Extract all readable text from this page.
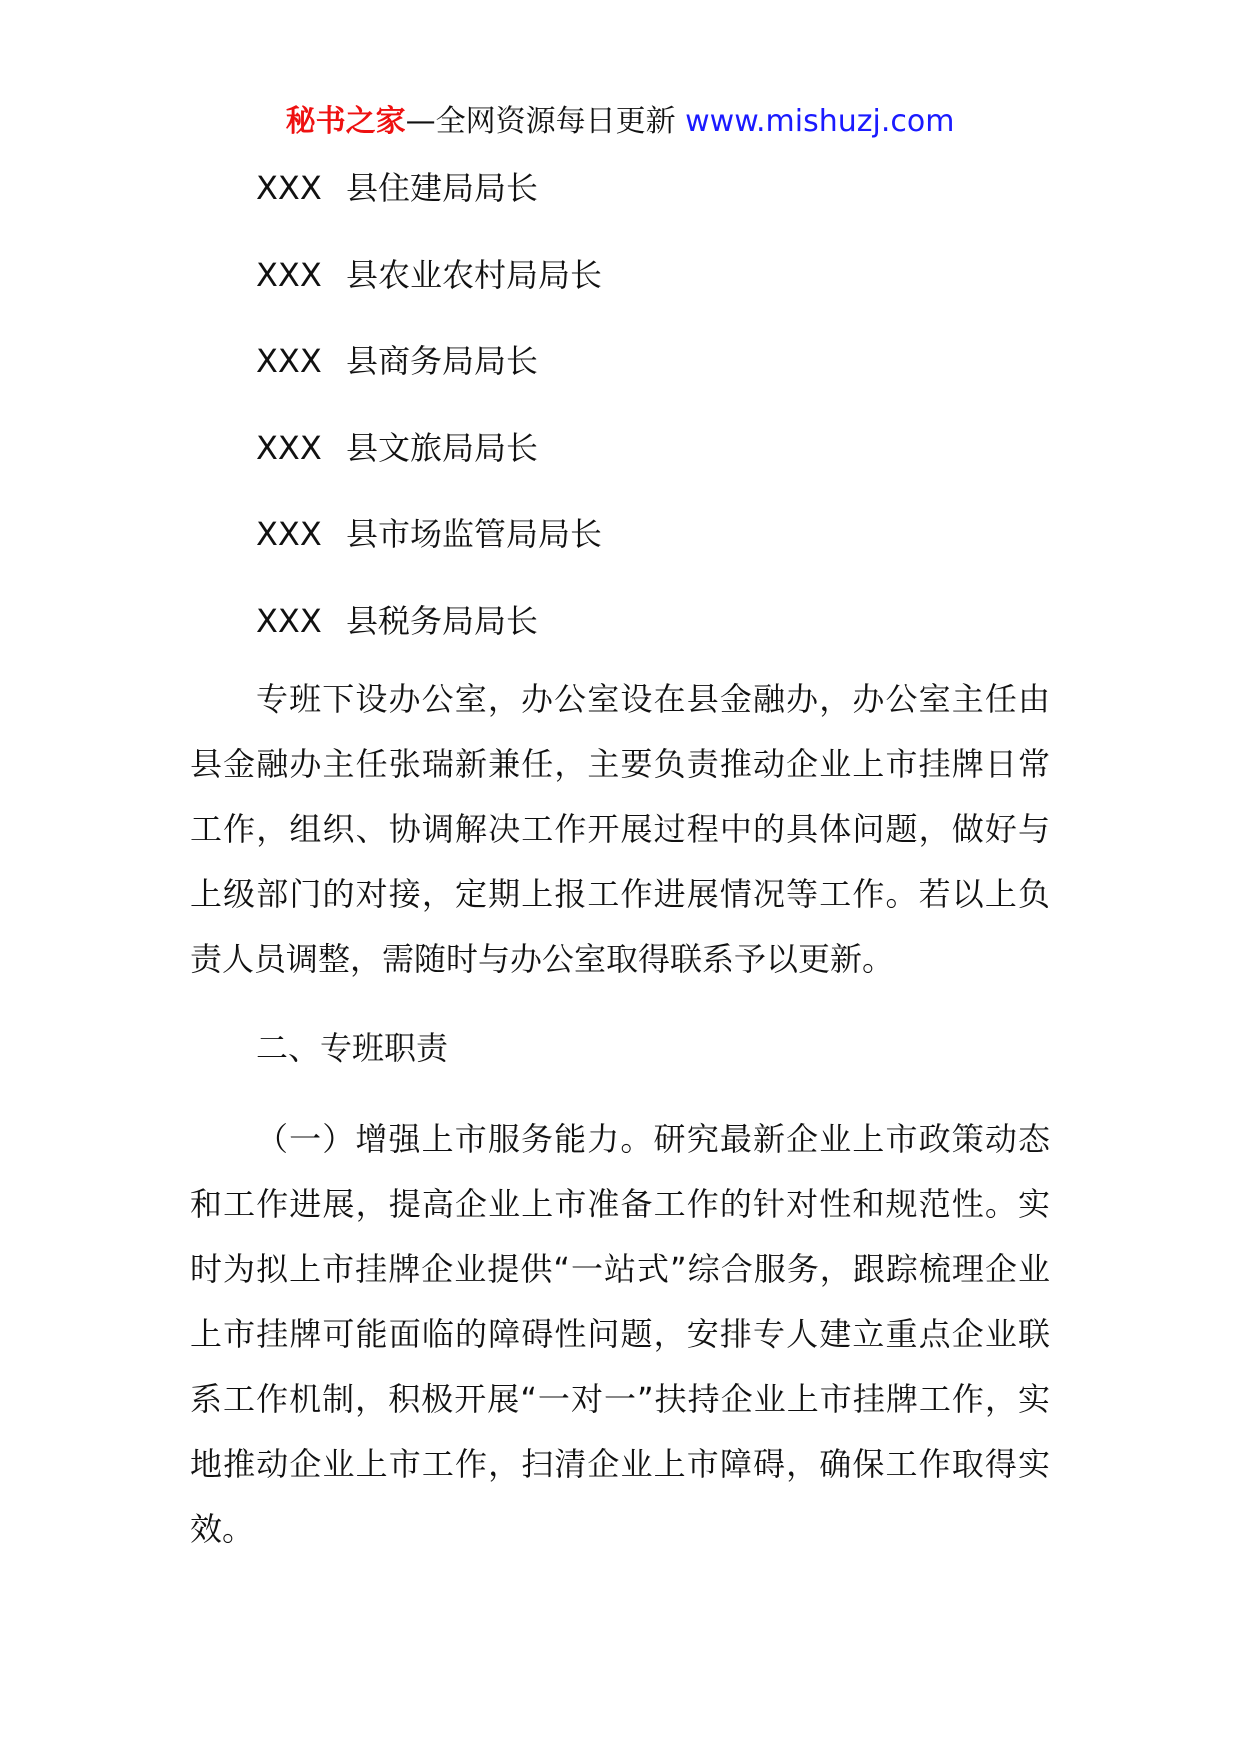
秘书之家—全网资源每日更新 www.mishuzj.com

XXX 县住建局局长

XXX 县农业农村局局长

XXX 县商务局局长

XXX 县文旅局局长

XXX 县市场监管局局长

XXX 县税务局局长

专班下设办公室，办公室设在县金融办，办公室主任由县金融办主任张瑞新兼任，主要负责推动企业上市挂牌日常工作，组织、协调解决工作开展过程中的具体问题，做好与上级部门的对接，定期上报工作进展情况等工作。若以上负责人员调整，需随时与办公室取得联系予以更新。

二、专班职责

（一）增强上市服务能力。研究最新企业上市政策动态和工作进展，提高企业上市准备工作的针对性和规范性。实时为拟上市挂牌企业提供“一站式”综合服务，跟踪梳理企业上市挂牌可能面临的障碍性问题，安排专人建立重点企业联系工作机制，积极开展“一对一”扶持企业上市挂牌工作，实地推动企业上市工作，扫清企业上市障碍，确保工作取得实效。
